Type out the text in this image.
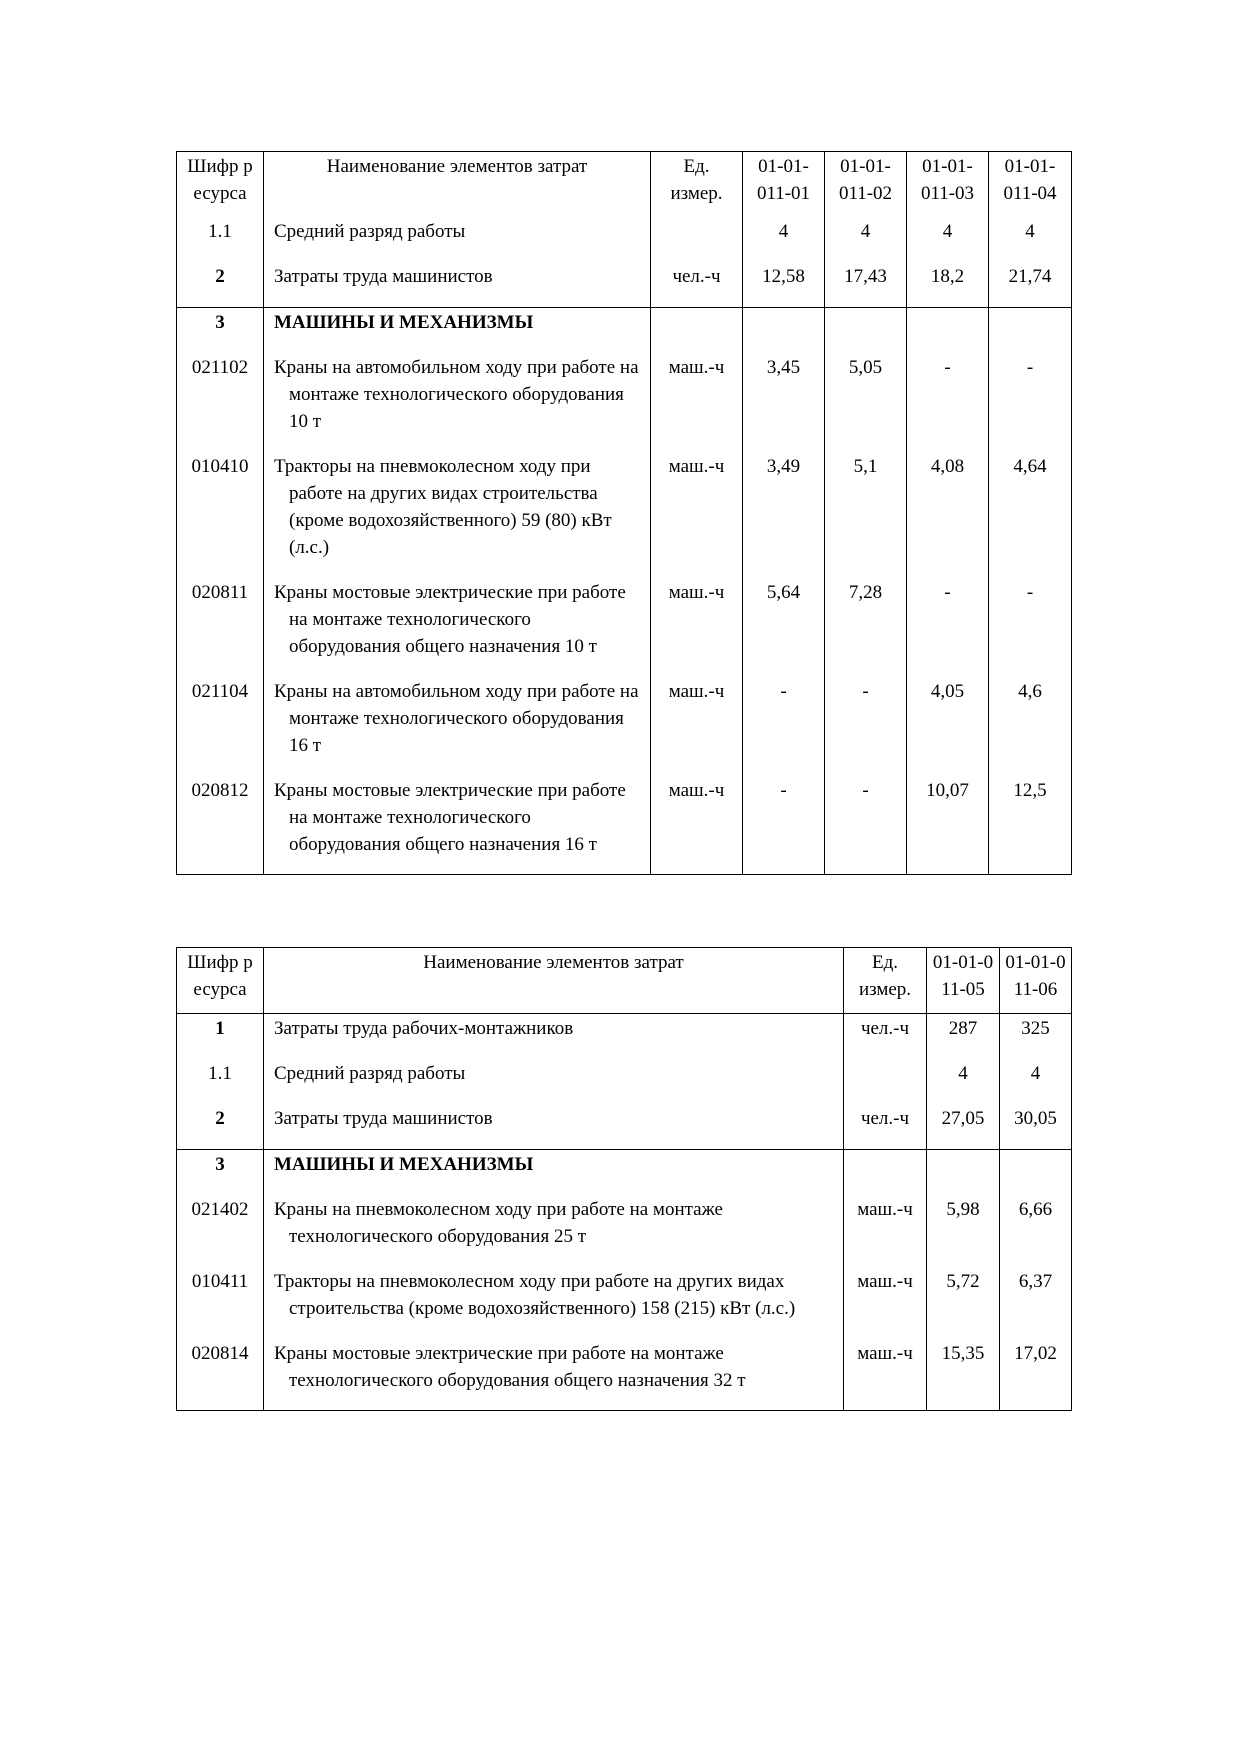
Шифр ресурса	Наименование элементов затрат	Ед. измер.	01-01-011-01	01-01-011-02	01-01-011-03	01-01-011-04
1.1	Средний разряд работы		4	4	4	4
2	Затраты труда машинистов	чел.-ч	12,58	17,43	18,2	21,74
3	МАШИНЫ И МЕХАНИЗМЫ					
021102	Краны на автомобильном ходу при работе на монтаже технологического оборудования 10 т	маш.-ч	3,45	5,05	-	-
010410	Тракторы на пневмоколесном ходу при работе на других видах строительства (кроме водохозяйственного) 59 (80) кВт (л.с.)	маш.-ч	3,49	5,1	4,08	4,64
020811	Краны мостовые электрические при работе на монтаже технологического оборудования общего назначения 10 т	маш.-ч	5,64	7,28	-	-
021104	Краны на автомобильном ходу при работе на монтаже технологического оборудования 16 т	маш.-ч	-	-	4,05	4,6
020812	Краны мостовые электрические при работе на монтаже технологического оборудования общего назначения 16 т	маш.-ч	-	-	10,07	12,5
Шифр ресурса	Наименование элементов затрат	Ед. измер.	01-01-011-05	01-01-011-06
1	Затраты труда рабочих-монтажников	чел.-ч	287	325
1.1	Средний разряд работы		4	4
2	Затраты труда машинистов	чел.-ч	27,05	30,05
3	МАШИНЫ И МЕХАНИЗМЫ			
021402	Краны на пневмоколесном ходу при работе на монтаже технологического оборудования 25 т	маш.-ч	5,98	6,66
010411	Тракторы на пневмоколесном ходу при работе на других видах строительства (кроме водохозяйственного) 158 (215) кВт (л.с.)	маш.-ч	5,72	6,37
020814	Краны мостовые электрические при работе на монтаже технологического оборудования общего назначения 32 т	маш.-ч	15,35	17,02
